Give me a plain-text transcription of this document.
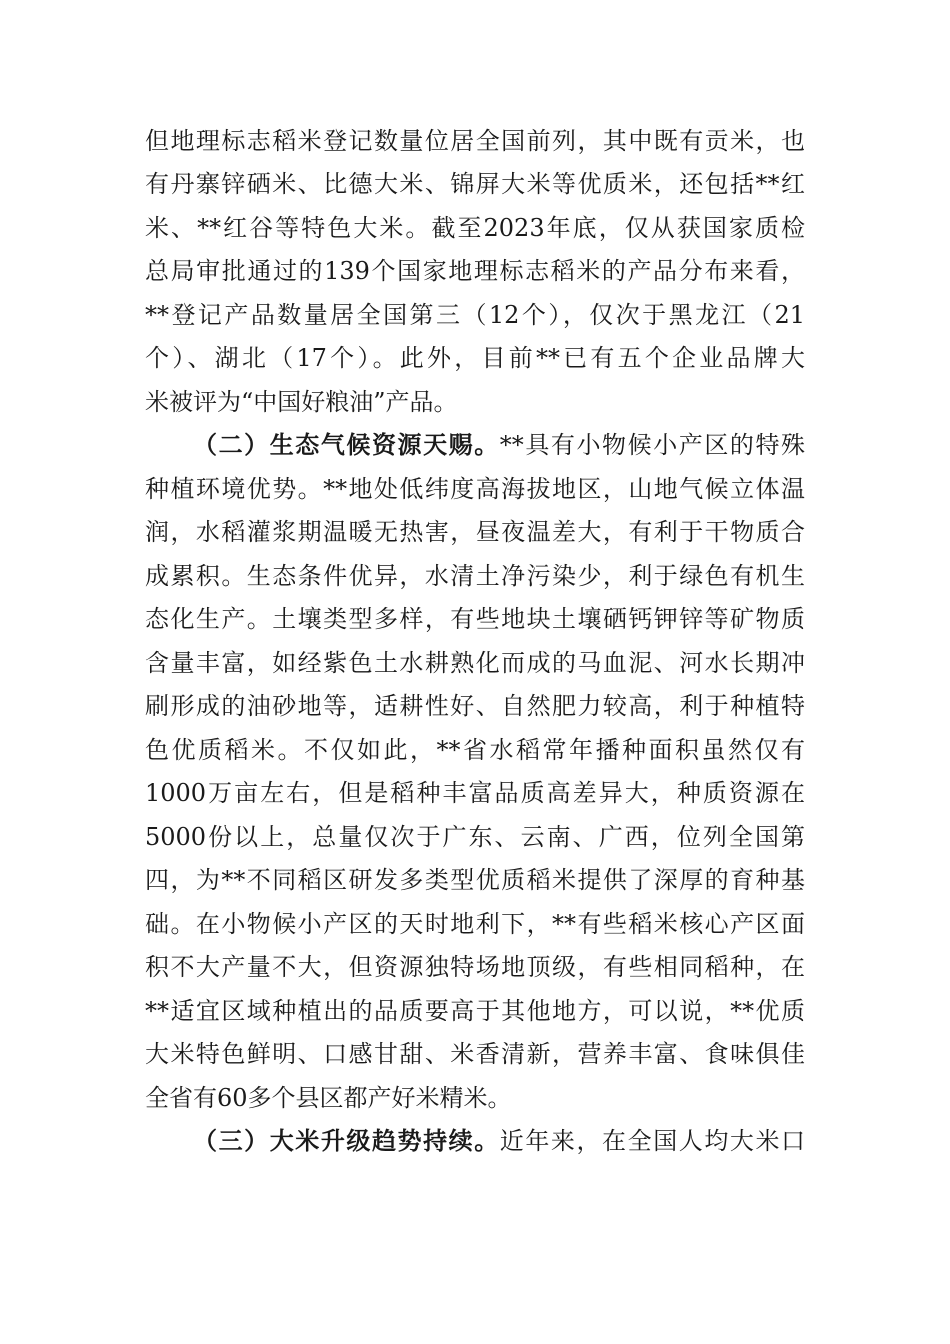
但地理标志稻米登记数量位居全国前列，其中既有贡米，也
有丹寨锌硒米、比德大米、锦屏大米等优质米，还包括**红
米、**红谷等特色大米。截至2023年底，仅从获国家质检
总局审批通过的139个国家地理标志稻米的产品分布来看，
**登记产品数量居全国第三（12个），仅次于黑龙江（21
个）、湖北（17个）。此外，目前**已有五个企业品牌大
米被评为“中国好粮油”产品。
（二）生态气候资源天赐。**具有小物候小产区的特殊
种植环境优势。**地处低纬度高海拔地区，山地气候立体温
润，水稻灌浆期温暖无热害，昼夜温差大，有利于干物质合
成累积。生态条件优异，水清土净污染少，利于绿色有机生
态化生产。土壤类型多样，有些地块土壤硒钙钾锌等矿物质
含量丰富，如经紫色土水耕熟化而成的马血泥、河水长期冲
刷形成的油砂地等，适耕性好、自然肥力较高，利于种植特
色优质稻米。不仅如此，**省水稻常年播种面积虽然仅有
1000万亩左右，但是稻种丰富品质高差异大，种质资源在
5000份以上，总量仅次于广东、云南、广西，位列全国第
四，为**不同稻区研发多类型优质稻米提供了深厚的育种基
础。在小物候小产区的天时地利下，**有些稻米核心产区面
积不大产量不大，但资源独特场地顶级，有些相同稻种，在
**适宜区域种植出的品质要高于其他地方，可以说，**优质
大米特色鲜明、口感甘甜、米香清新，营养丰富、食味俱佳
全省有60多个县区都产好米精米。
（三）大米升级趋势持续。近年来，在全国人均大米口
